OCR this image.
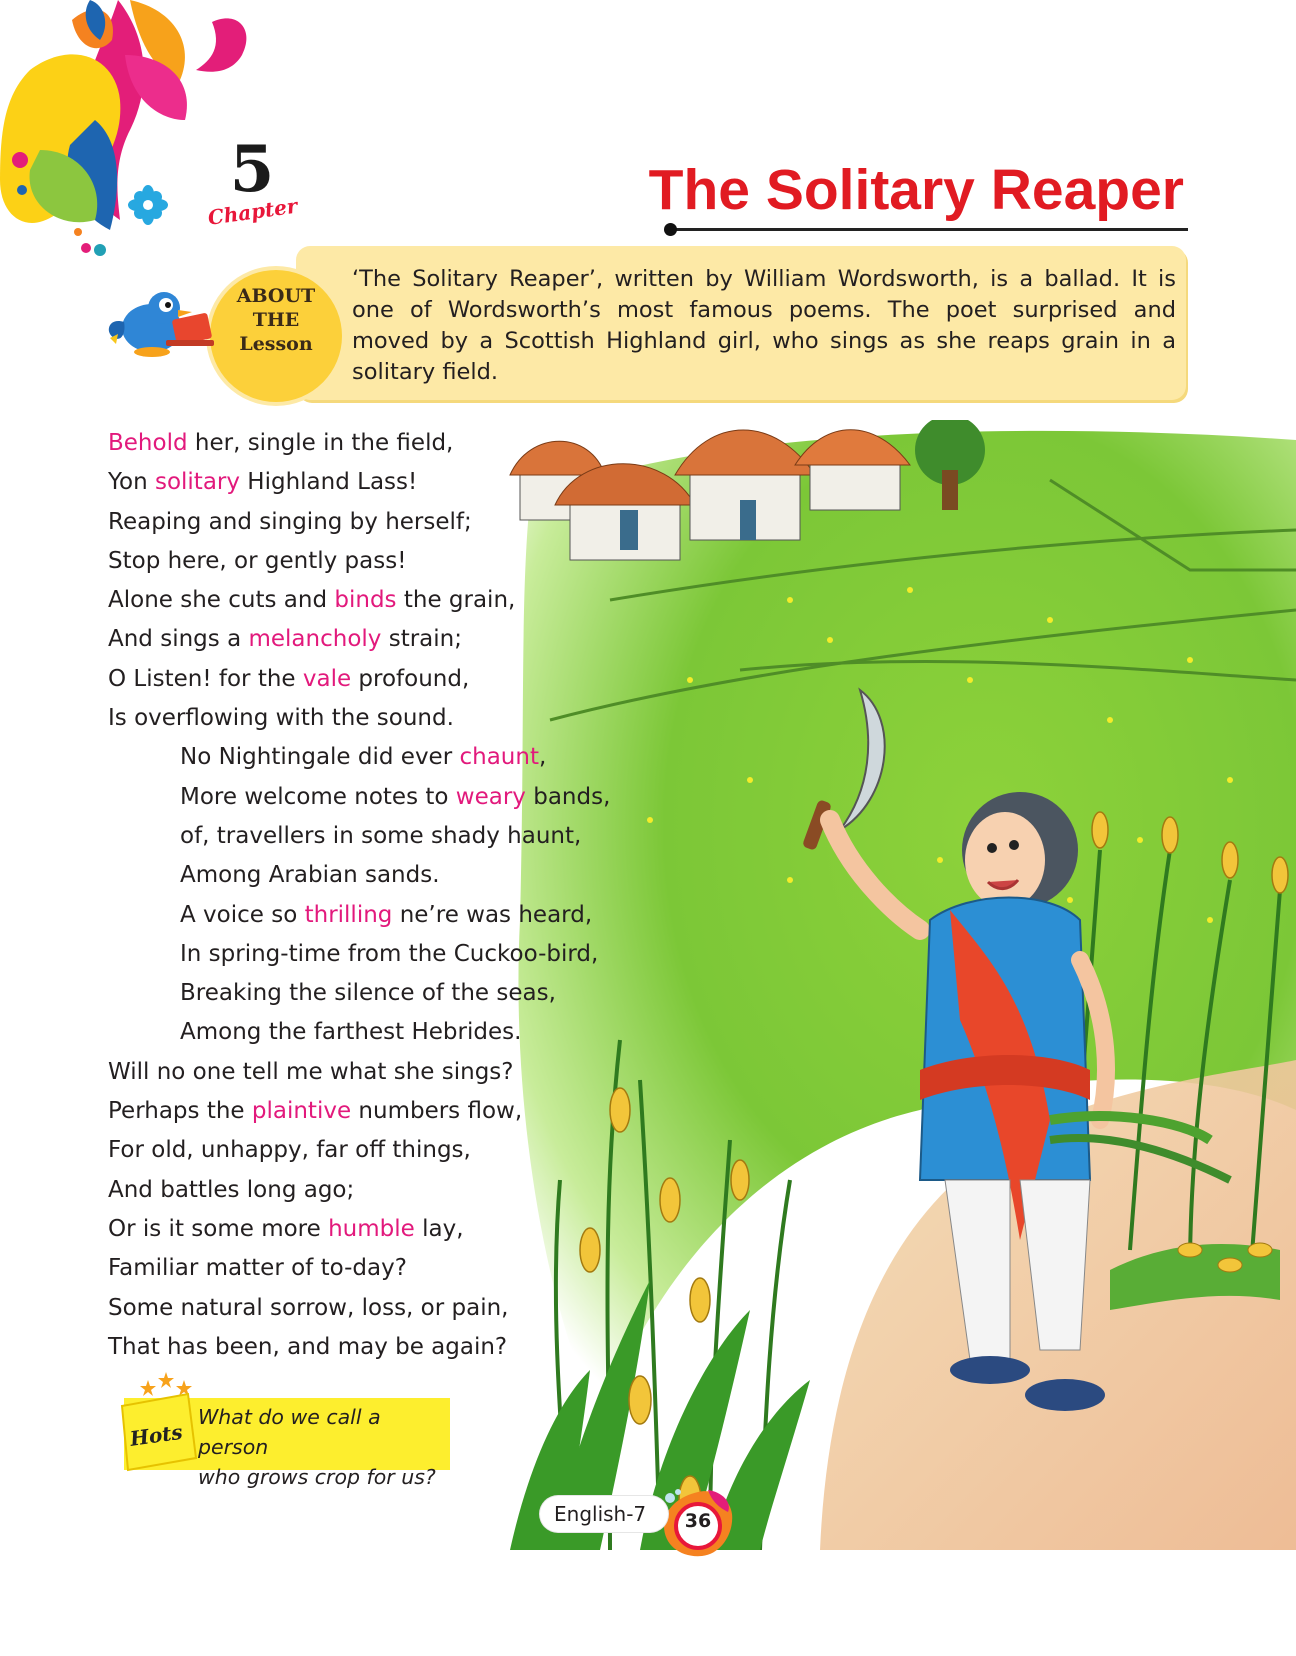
5
Chapter	The Solitary Reaper
ABOUT
THE
Lesson
‘The Solitary Reaper’, written by William Wordsworth, is a ballad. It is one of Wordsworth’s most famous poems. The poet surprised and moved by a Scottish Highland girl, who sings as she reaps grain in a solitary field.
Behold her, single in the field,
Yon solitary Highland Lass!
Reaping and singing by herself;
Stop here, or gently pass!
Alone she cuts and binds the grain,
And sings a melancholy strain;
O Listen! for the vale profound,
Is overflowing with the sound.
No Nightingale did ever chaunt,
More welcome notes to weary bands,
of, travellers in some shady haunt,
Among Arabian sands.
A voice so thrilling ne’re was heard,
In spring-time from the Cuckoo-bird,
Breaking the silence of the seas,
Among the farthest Hebrides.
Will no one tell me what she sings?
Perhaps the plaintive numbers flow,
For old, unhappy, far off things,
And battles long ago;
Or is it some more humble lay,
Familiar matter of to-day?
Some natural sorrow, loss, or pain,
That has been, and may be again?
Hots
What do we call a person
who grows crop for us?
English-7	36
